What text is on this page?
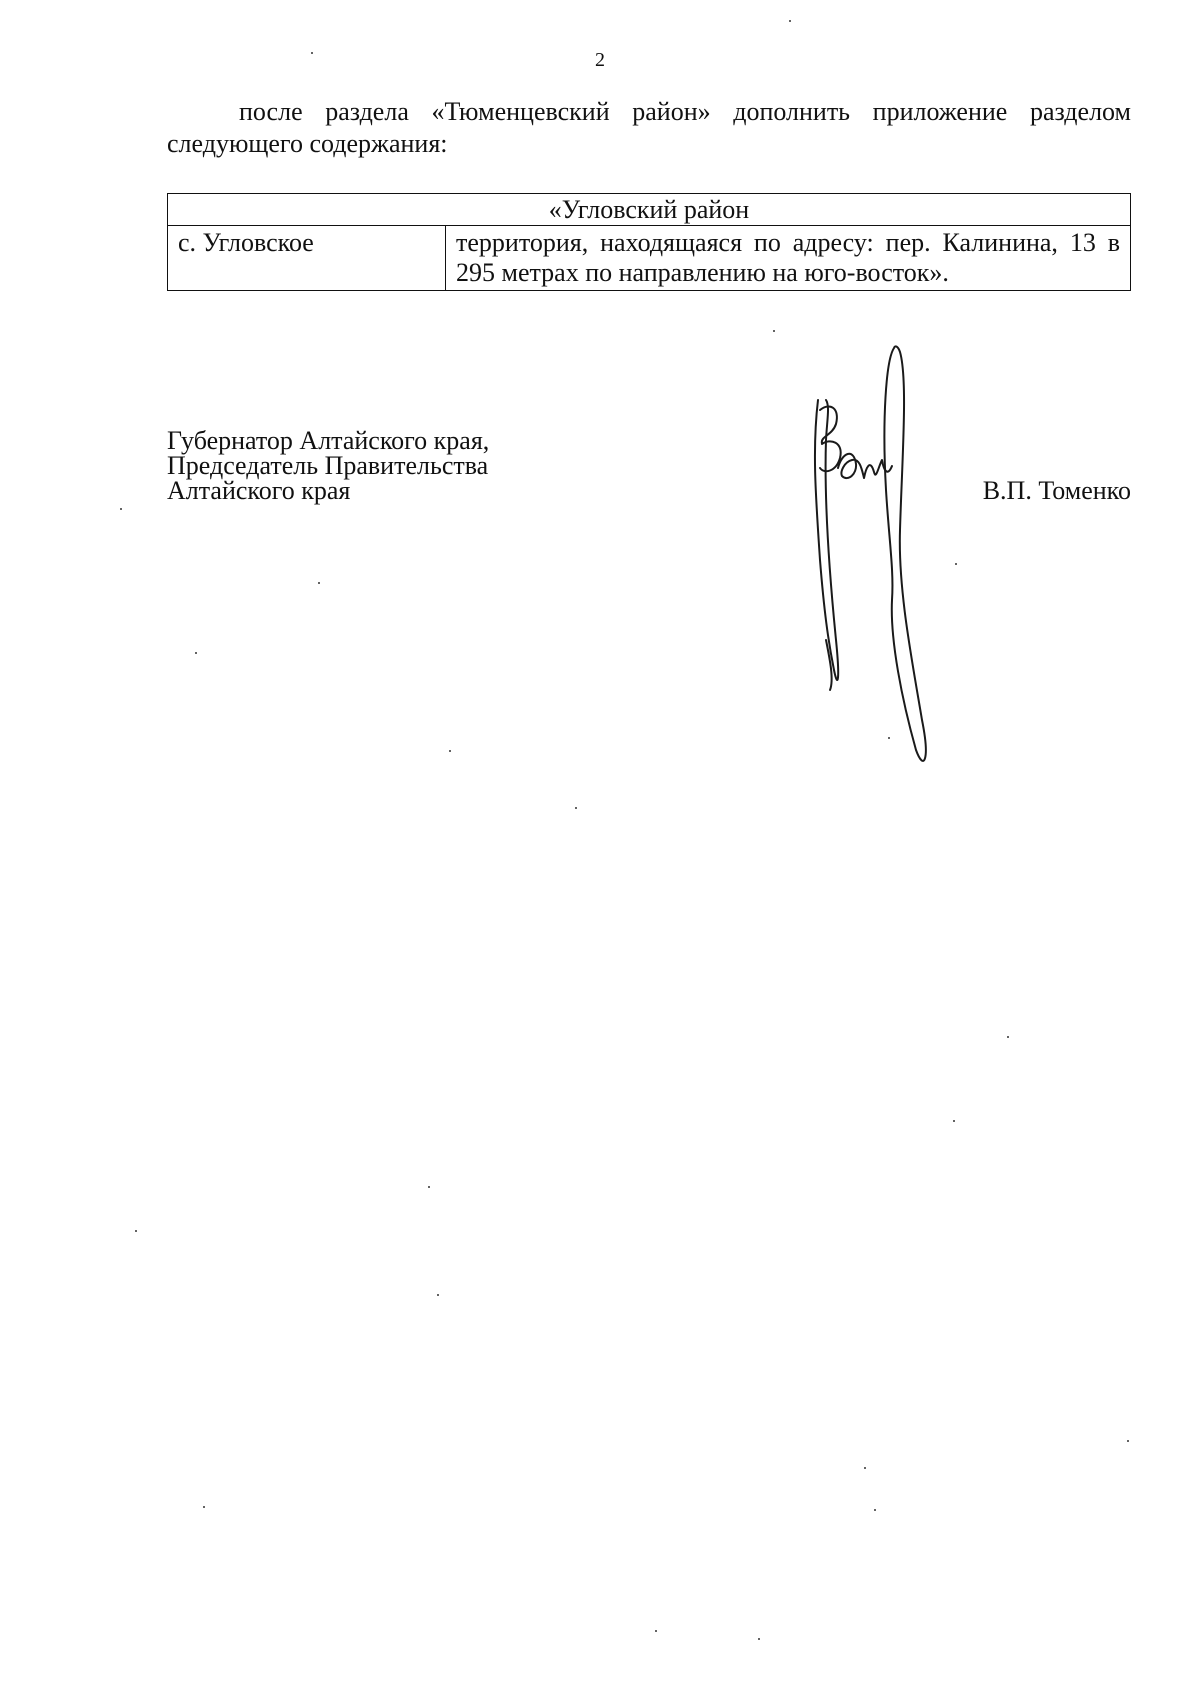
2

после раздела «Тюменцевский район» дополнить приложение разделом следующего содержания:

«Угловский район
с. Угловское	территория, находящаяся по адресу: пер. Калинина, 13 в 295 метрах по направлению на юго-восток».
Губернатор Алтайского края,
Председатель Правительства
Алтайского края	В.П. Томенко
